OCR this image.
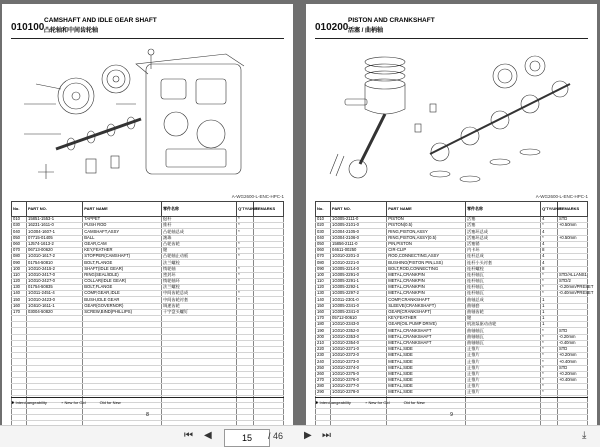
010100
CAMSHAFT AND IDLE GEAR SHAFT
凸轮轴和中间齿轮轴
A-WG2600-L-ENC-HPC-1
No.	PART NO.	PART NAME	零件名称	Q'TY/UNIT	REMARKS
010	15851-1553-1	TAPPET	挺杆	*	
030	16231-1611-0	PUSH ROD	推杆	*	
040	1G004-1607-1	CAMSHAFT,ASSY	凸轮轴总成	*	
050	07715-01405	BALL	滚珠		
060	1J574-1613-2	GEAR,CAM	凸轮齿轮	*	
070	06713-00620	KEY,FEATHER	键	*	
080	1G010-1617-2	STOPPER(CAMSHAFT)	凸轮轴止动板	*	
090	01754-50810	BOLT,FLANGE	法兰螺栓		
100	1G010-2415-2	SHAFT(IDLE GEAR)	惰轮轴	*	
110	1G010-2417-0	RING(SEAL/IDLE)	密封环	*	
120	1G010-2427-0	COLLAR(IDLE GEAR)	惰轮轴环	*	
130	01754-50835	BOLT,FLANGE	法兰螺栓		
140	1G011-2451-4	COMP,GEAR,IDLE	中间齿轮总成	*	
150	1G010-2423-0	BUSH,IDLE GEAR	中间齿轮衬套	*	
160	1G610-1611-1	GEAR(GOVERNOR)	调速齿轮		
170	03004-50820	SCREW,BIND(PHILLIPS)	十字盘头螺钉		

✱ Interchangeability	⋆ New for Old	Old for New
8
010200
PISTON AND CRANKSHAFT
活塞 / 曲柄轴
A-WG2600-L-ENC-HPC-1
No.	PART NO.	PART NAME	零件名称	Q'TY/UNIT	REMARKS
010	1G005-2111-0	PISTON	活塞	4	STD
020	1G005-2101-0	PISTON(0.5)	活塞	*	+0.50mm
030	1G004-2105-0	RING,PISTON,ASSY	活塞环总成	4	
040	1G004-2106-0	RING,PISTON,ASSY(0.5)	活塞环总成	*	+0.50mm
050	15856-2111-0	PIN,PISTON	活塞销	4	
060	04611-00250	CIR-CLIP	内卡环	8	
070	1G010-2201-3	ROD,CONNECTING,ASSY	连杆总成	4	
080	1G010-2221-0	BUSHING(PISTON PIN,LSS)	连杆小头衬套	4	
090	1G005-2214-0	BOLT,ROD,CONNECTING	连杆螺栓	8	
100	1G005-2291-0	METAL,CRANKPIN	连杆轴瓦	*	STD/ALLANS1
110	1G005-2291-1	METAL,CRANKPIN	连杆轴瓦	*	STD/2
120	1G005-2292-1	METAL,CRANKPIN	连杆轴瓦	*	-0.20mm/PRESET
130	1G005-2297-2	METAL,CRANKPIN	连杆轴瓦	*	-0.40mm/PRESET
140	1G011-2301-0	COMP,CRANKSHAFT	曲轴总成	1	
150	1G005-2341-0	SLEEVE(CRANKSHAFT)	曲轴套	1	
160	1G005-2341-0	GEAR(CRANKSHAFT)	曲轴齿轮	1	
170	05712-00610	KEY,FEATHER	键	1	
180	1G010-2343-0	GEAR(OIL PUMP DRIVE)	机油泵驱动齿轮	1	
190	1G010-2352-0	METAL,CRANKSHAFT	曲轴轴瓦	*	STD
200	1G010-2353-0	METAL,CRANKSHAFT	曲轴轴瓦	*	-0.20mm
210	1G010-2354-0	METAL,CRANKSHAFT	曲轴轴瓦	*	-0.40mm
220	1G010-2371-0	METAL,SIDE	止推片	*	STD
230	1G010-2372-0	METAL,SIDE	止推片	*	+0.20mm
240	1G010-2373-0	METAL,SIDE	止推片	*	+0.40mm
250	1G010-2374-0	METAL,SIDE	止推片	*	STD
260	1G010-2375-0	METAL,SIDE	止推片	*	+0.20mm
270	1G010-2376-0	METAL,SIDE	止推片	*	+0.40mm
280	1G010-2377-0	METAL,SIDE	止推片	*	
290	1G010-2378-0	METAL,SIDE	止推片	*	

✱ Interchangeability	⋆ New for Old	Old for New
9
⏮ ◀
15	/ 46 ▶ ⏭	⤓
